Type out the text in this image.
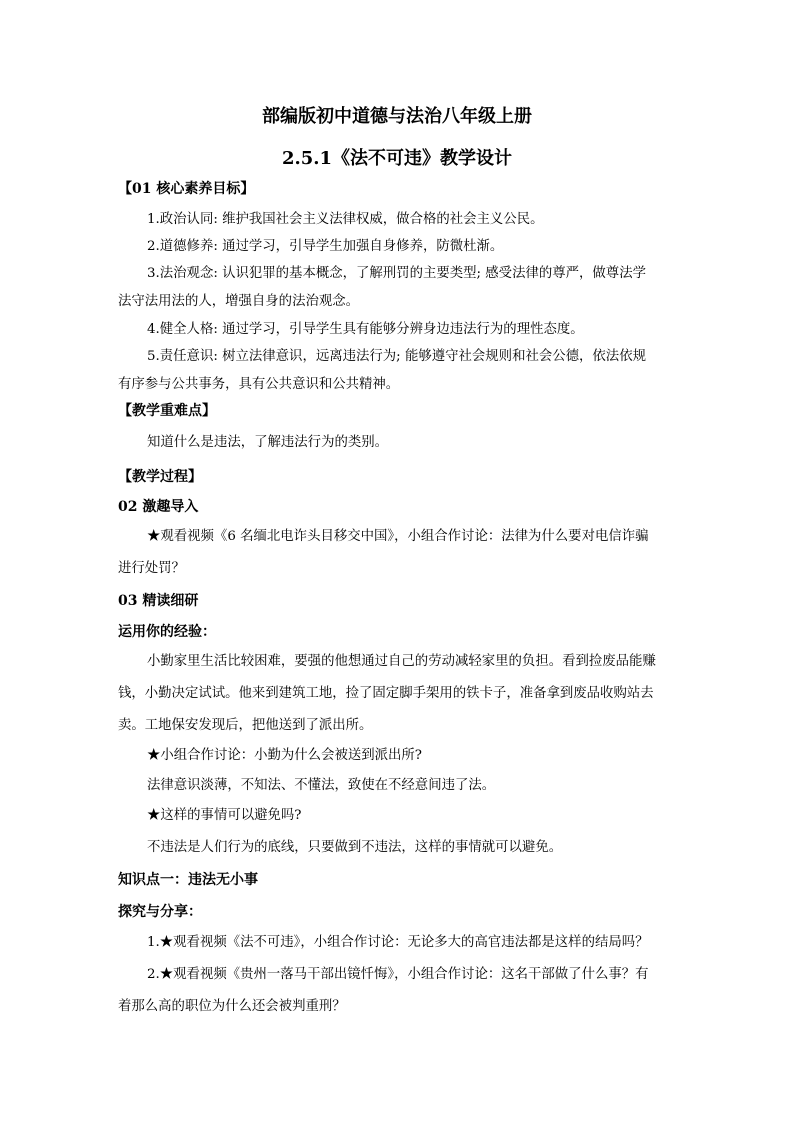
部编版初中道德与法治八年级上册
2.5.1《法不可违》教学设计
【01 核心素养目标】
1.政治认同: 维护我国社会主义法律权威，做合格的社会主义公民。
2.道德修养: 通过学习，引导学生加强自身修养，防微杜渐。
3.法治观念: 认识犯罪的基本概念，了解刑罚的主要类型; 感受法律的尊严，做尊法学
法守法用法的人，增强自身的法治观念。
4.健全人格: 通过学习，引导学生具有能够分辨身边违法行为的理性态度。
5.责任意识: 树立法律意识，远离违法行为; 能够遵守社会规则和社会公德，依法依规
有序参与公共事务，具有公共意识和公共精神。
【教学重难点】
知道什么是违法，了解违法行为的类别。
【教学过程】
02 激趣导入
★观看视频《6 名缅北电诈头目移交中国》，小组合作讨论：法律为什么要对电信诈骗
进行处罚？
03 精读细研
运用你的经验：
小勤家里生活比较困难，要强的他想通过自己的劳动减轻家里的负担。看到捡废品能赚
钱，小勤决定试试。他来到建筑工地，捡了固定脚手架用的铁卡子，准备拿到废品收购站去
卖。工地保安发现后，把他送到了派出所。
★小组合作讨论：小勤为什么会被送到派出所?
法律意识淡薄，不知法、不懂法，致使在不经意间违了法。
★这样的事情可以避免吗?
不违法是人们行为的底线，只要做到不违法，这样的事情就可以避免。
知识点一：违法无小事
探究与分享：
1.★观看视频《法不可违》，小组合作讨论：无论多大的高官违法都是这样的结局吗？
2.★观看视频《贵州一落马干部出镜忏悔》，小组合作讨论：这名干部做了什么事？有
着那么高的职位为什么还会被判重刑？
